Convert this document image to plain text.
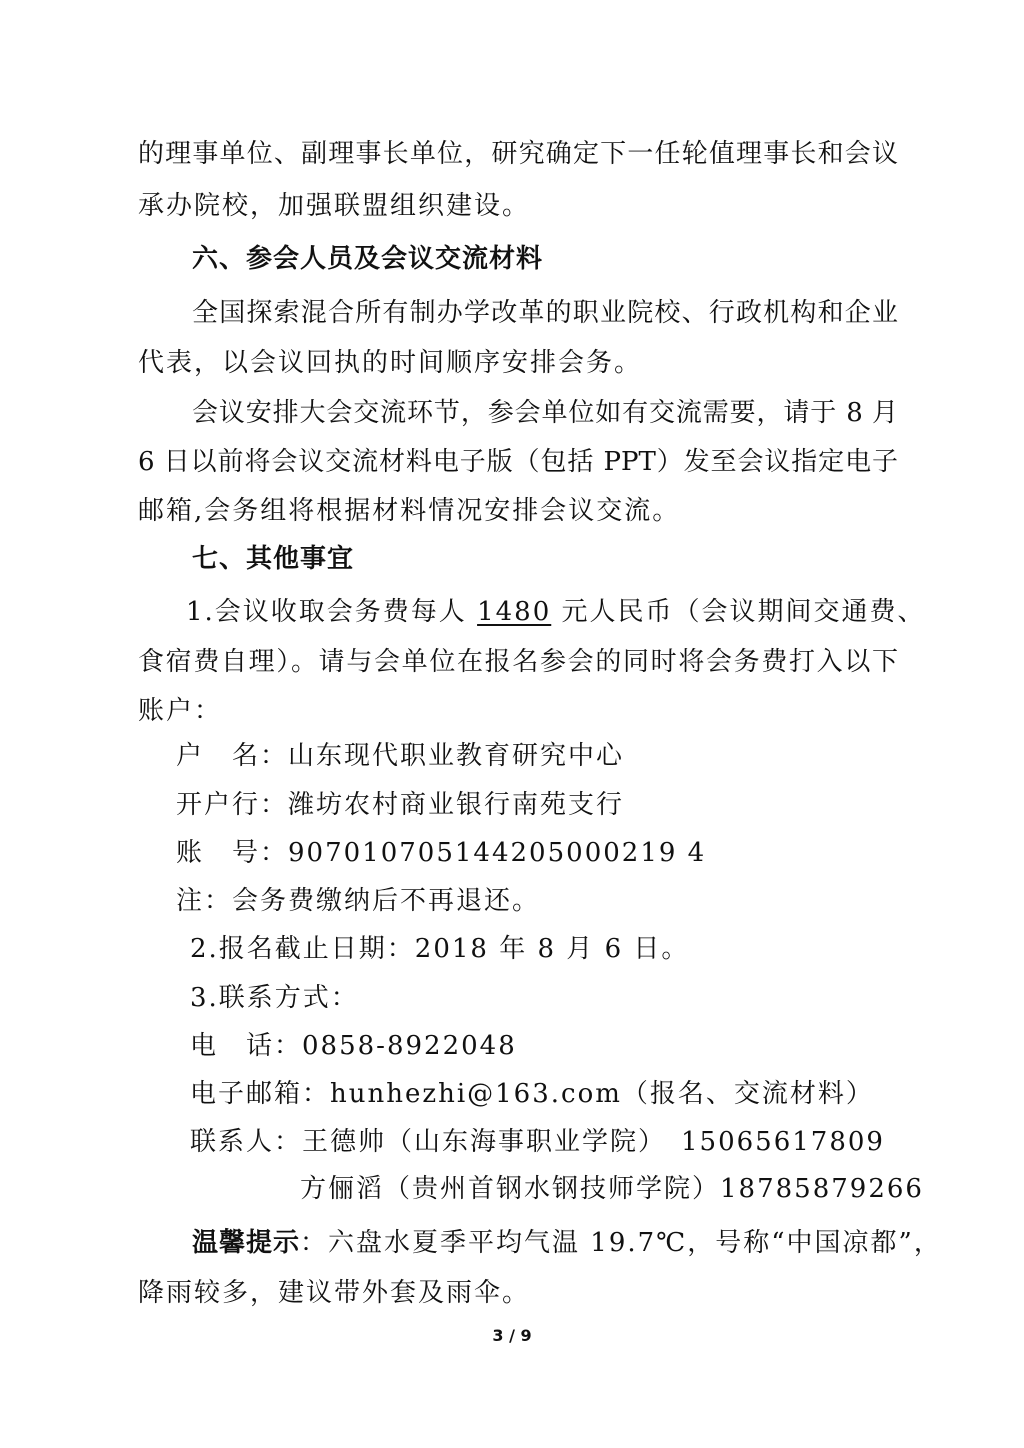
的理事单位、副理事长单位，研究确定下一任轮值理事长和会议
承办院校，加强联盟组织建设。
六、参会人员及会议交流材料
全国探索混合所有制办学改革的职业院校、行政机构和企业
代表，以会议回执的时间顺序安排会务。
会议安排大会交流环节，参会单位如有交流需要，请于 8 月
6 日以前将会议交流材料电子版（包括 PPT）发至会议指定电子
邮箱,会务组将根据材料情况安排会议交流。
七、其他事宜
1.会议收取会务费每人 1480 元人民币（会议期间交通费、
食宿费自理）。请与会单位在报名参会的同时将会务费打入以下
账户：
户　名：山东现代职业教育研究中心
开户行：潍坊农村商业银行南苑支行
账　号：907010705144205000219 4
注：会务费缴纳后不再退还。
2.报名截止日期：2018 年 8 月 6 日。
3.联系方式：
电　话：0858-8922048
电子邮箱：hunhezhi@163.com（报名、交流材料）
联系人：王德帅（山东海事职业学院）　15065617809
方俪滔（贵州首钢水钢技师学院）18785879266
温馨提示：六盘水夏季平均气温 19.7℃，号称“中国凉都”，
降雨较多，建议带外套及雨伞。
3 / 9
